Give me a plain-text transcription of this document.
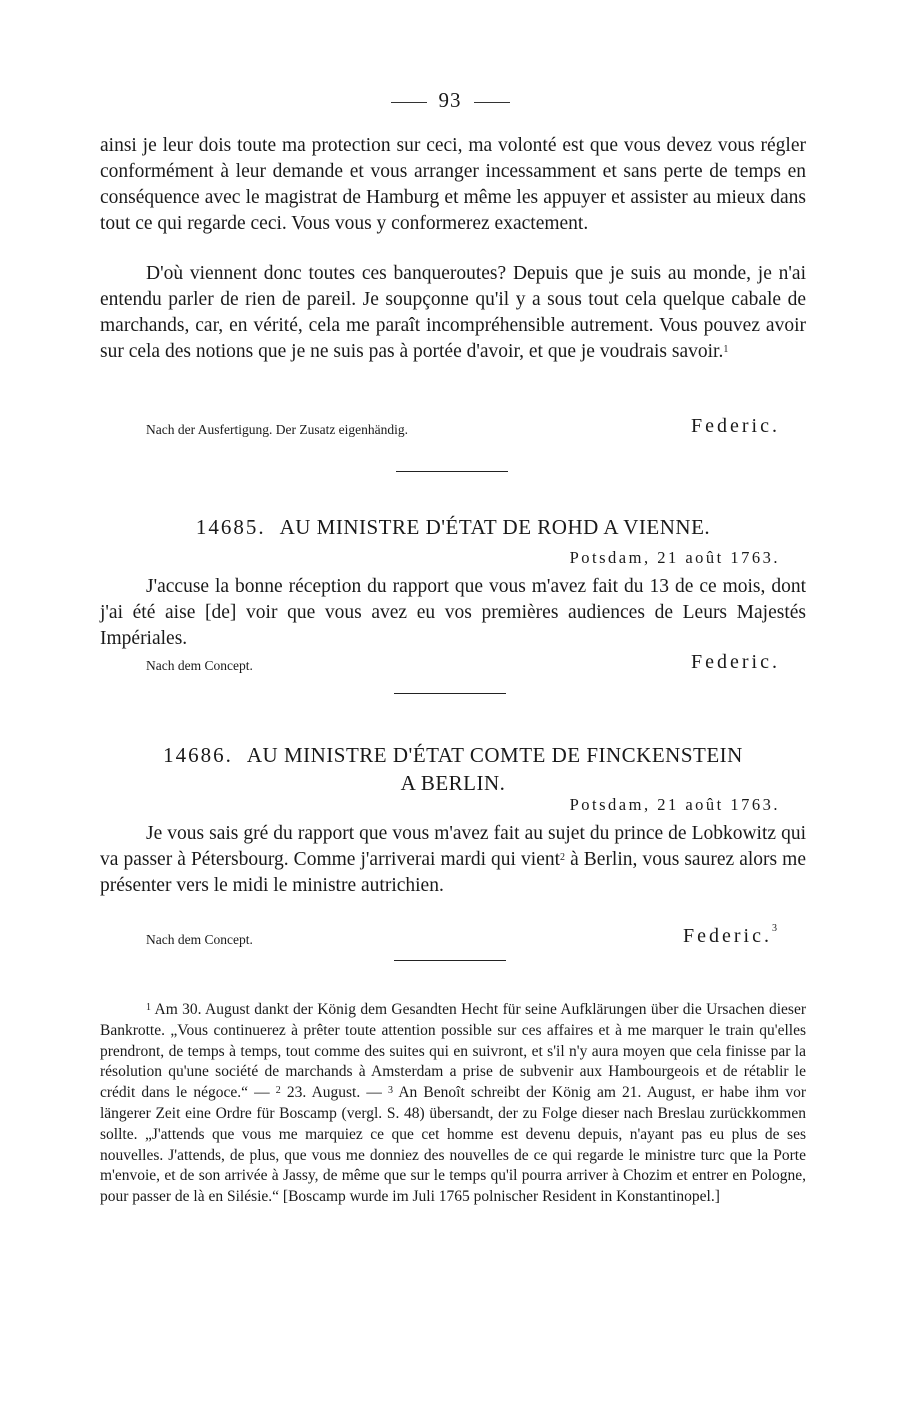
93

ainsi je leur dois toute ma protection sur ceci, ma volonté est que vous devez vous régler conformément à leur demande et vous arranger incessamment et sans perte de temps en conséquence avec le magistrat de Hamburg et même les appuyer et assister au mieux dans tout ce qui regarde ceci. Vous vous y conformerez exactement.

D'où viennent donc toutes ces banqueroutes? Depuis que je suis au monde, je n'ai entendu parler de rien de pareil. Je soupçonne qu'il y a sous tout cela quelque cabale de marchands, car, en vérité, cela me paraît incompréhensible autrement. Vous pouvez avoir sur cela des notions que je ne suis pas à portée d'avoir, et que je voudrais savoir.$^1$

Nach der Ausfertigung. Der Zusatz eigenhändig.	Federic.
14685. AU MINISTRE D'ÉTAT DE ROHD A VIENNE.
Potsdam, 21 août 1763.

J'accuse la bonne réception du rapport que vous m'avez fait du 13 de ce mois, dont j'ai été aise [de] voir que vous avez eu vos premières audiences de Leurs Majestés Impériales.

Nach dem Concept.	Federic.
14686. AU MINISTRE D'ÉTAT COMTE DE FINCKENSTEIN
A BERLIN.
Potsdam, 21 août 1763.

Je vous sais gré du rapport que vous m'avez fait au sujet du prince de Lobkowitz qui va passer à Pétersbourg. Comme j'arriverai mardi qui vient$^2$ à Berlin, vous saurez alors me présenter vers le midi le ministre autrichien.

Nach dem Concept.	Federic.$^3$

$^1$ Am 30. August dankt der König dem Gesandten Hecht für seine Aufklärungen über die Ursachen dieser Bankrotte. „Vous continuerez à prêter toute attention possible sur ces affaires et à me marquer le train qu'elles prendront, de temps à temps, tout comme des suites qui en suivront, et s'il n'y aura moyen que cela finisse par la résolution qu'une société de marchands à Amsterdam a prise de subvenir aux Hambourgeois et de rétablir le crédit dans le négoce.“ — $^2$ 23. August. — $^3$ An Benoît schreibt der König am 21. August, er habe ihm vor längerer Zeit eine Ordre für Boscamp (vergl. S. 48) übersandt, der zu Folge dieser nach Breslau zurückkommen sollte. „J'attends que vous me marquiez ce que cet homme est devenu depuis, n'ayant pas eu plus de ses nouvelles. J'attends, de plus, que vous me donniez des nouvelles de ce qui regarde le ministre turc que la Porte m'envoie, et de son arrivée à Jassy, de même que sur le temps qu'il pourra arriver à Chozim et entrer en Pologne, pour passer de là en Silésie.“ [Boscamp wurde im Juli 1765 polnischer Resident in Konstantinopel.]
